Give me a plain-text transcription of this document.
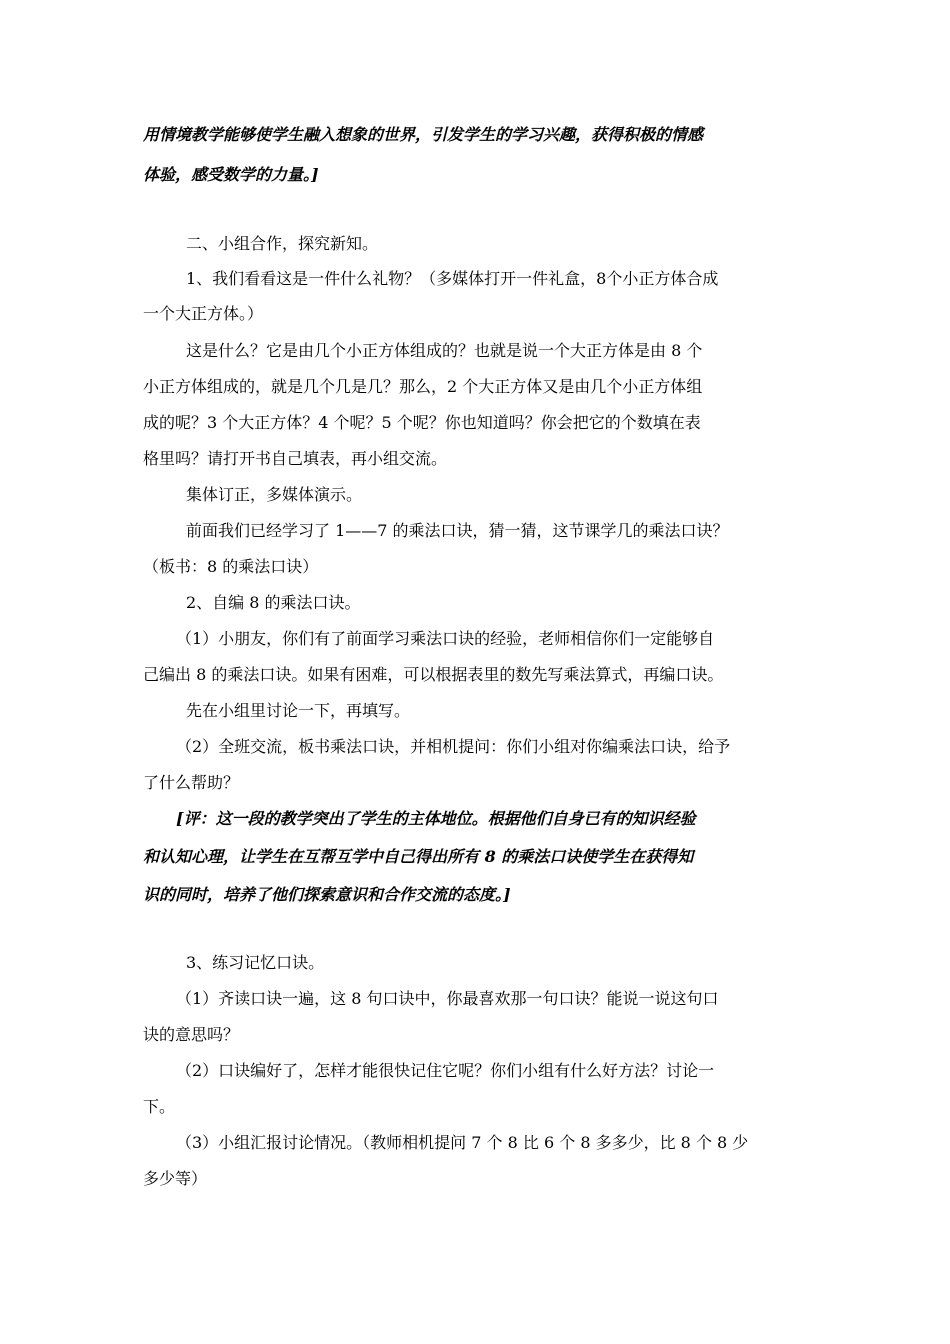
用情境教学能够使学生融入想象的世界，引发学生的学习兴趣，获得积极的情感
体验，感受数学的力量。]
二、小组合作，探究新知。
1、我们看看这是一件什么礼物？（多媒体打开一件礼盒，8个小正方体合成
一个大正方体。）
这是什么？它是由几个小正方体组成的？也就是说一个大正方体是由 8 个
小正方体组成的，就是几个几是几？那么，2 个大正方体又是由几个小正方体组
成的呢？3 个大正方体？4 个呢？5 个呢？你也知道吗？你会把它的个数填在表
格里吗？请打开书自己填表，再小组交流。
集体订正，多媒体演示。
前面我们已经学习了 1——7 的乘法口诀，猜一猜，这节课学几的乘法口诀？
（板书：8 的乘法口诀）
2、自编 8 的乘法口诀。
（1）小朋友，你们有了前面学习乘法口诀的经验，老师相信你们一定能够自
己编出 8 的乘法口诀。如果有困难，可以根据表里的数先写乘法算式，再编口诀。
先在小组里讨论一下，再填写。
（2）全班交流，板书乘法口诀，并相机提问：你们小组对你编乘法口诀，给予
了什么帮助？
[评：这一段的教学突出了学生的主体地位。根据他们自身已有的知识经验
和认知心理，让学生在互帮互学中自己得出所有 8 的乘法口诀使学生在获得知
识的同时，培养了他们探索意识和合作交流的态度。]
3、练习记忆口诀。
（1）齐读口诀一遍，这 8 句口诀中，你最喜欢那一句口诀？能说一说这句口
诀的意思吗？
（2）口诀编好了，怎样才能很快记住它呢？你们小组有什么好方法？讨论一
下。
（3）小组汇报讨论情况。（教师相机提问 7 个 8 比 6 个 8 多多少，比 8 个 8 少
多少等）
